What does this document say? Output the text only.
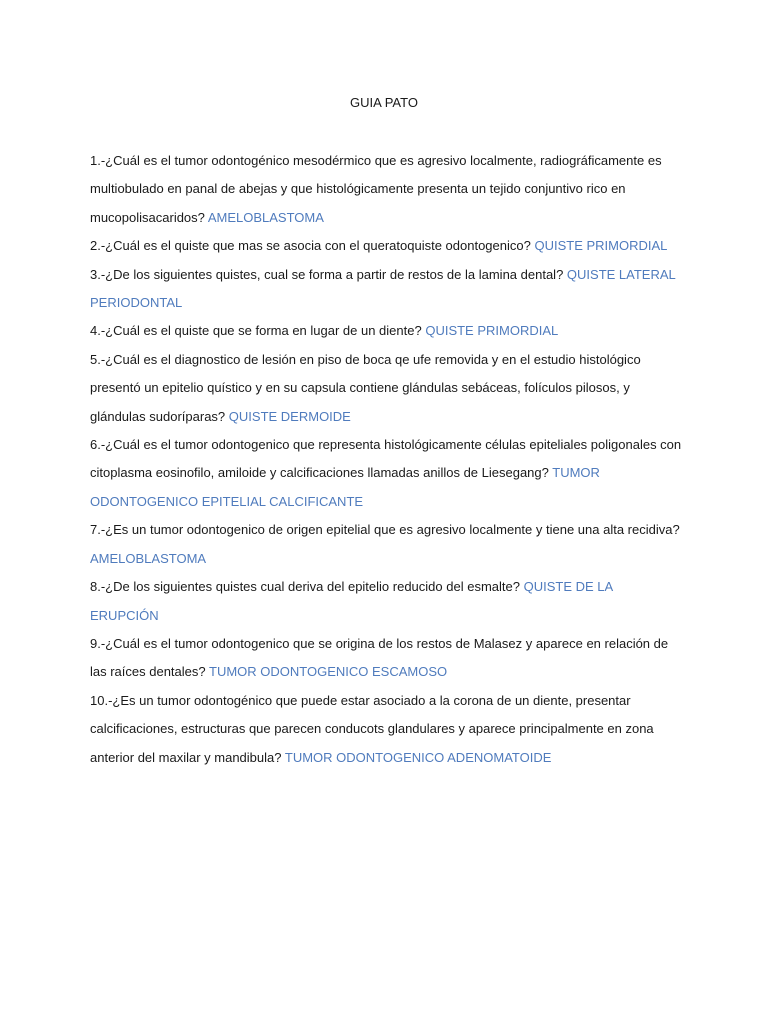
GUIA PATO

1.-¿Cuál es el tumor odontogénico mesodérmico que es agresivo localmente, radiográficamente es multiobulado en panal de abejas y que histológicamente presenta un tejido conjuntivo rico en mucopolisacaridos? AMELOBLASTOMA

2.-¿Cuál es el quiste que mas se asocia con el queratoquiste odontogenico? QUISTE PRIMORDIAL

3.-¿De los siguientes quistes, cual se forma a partir de restos de la lamina dental? QUISTE LATERAL PERIODONTAL

4.-¿Cuál es el quiste que se forma en lugar de un diente? QUISTE PRIMORDIAL

5.-¿Cuál es el diagnostico de lesión en piso de boca qe ufe removida y en el estudio histológico presentó un epitelio quístico y en su capsula contiene glándulas sebáceas, folículos pilosos, y glándulas sudoríparas? QUISTE DERMOIDE

6.-¿Cuál es el tumor odontogenico que representa histológicamente células epiteliales poligonales con citoplasma eosinofilo, amiloide y calcificaciones llamadas anillos de Liesegang? TUMOR ODONTOGENICO EPITELIAL CALCIFICANTE

7.-¿Es un tumor odontogenico de origen epitelial que es agresivo localmente y tiene una alta recidiva? AMELOBLASTOMA

8.-¿De los siguientes quistes cual deriva del epitelio reducido del esmalte? QUISTE DE LA ERUPCIÓN

9.-¿Cuál es el tumor odontogenico que se origina de los restos de Malasez y aparece en relación de las raíces dentales? TUMOR ODONTOGENICO ESCAMOSO

10.-¿Es un tumor odontogénico que puede estar asociado a la corona de un diente, presentar calcificaciones, estructuras que parecen conducots glandulares y aparece principalmente en zona anterior del maxilar y mandibula? TUMOR ODONTOGENICO ADENOMATOIDE
